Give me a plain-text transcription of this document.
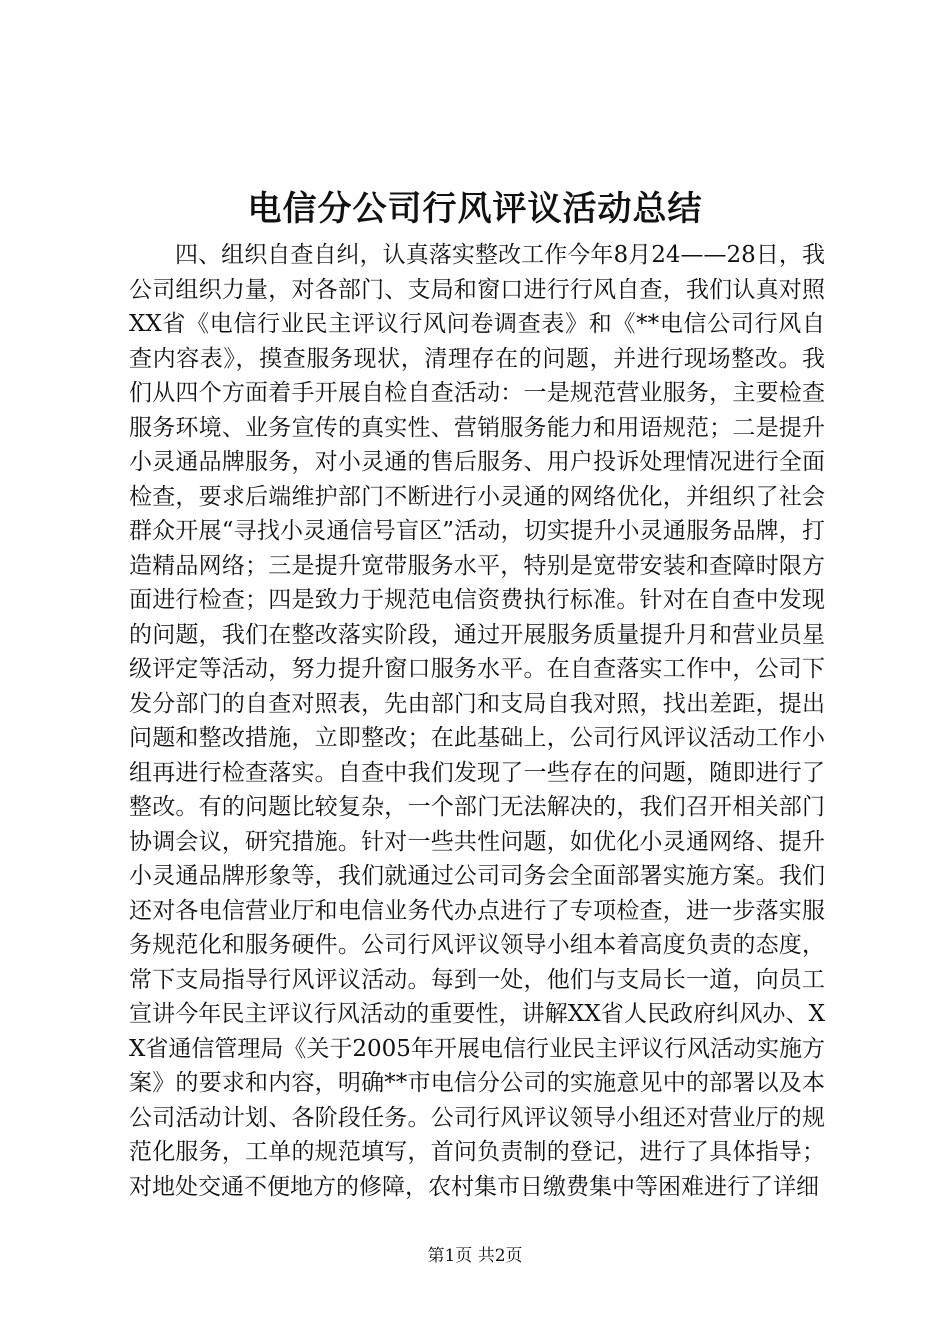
电信分公司行风评议活动总结

四、组织自查自纠，认真落实整改工作今年8月24——28日，我公司组织力量，对各部门、支局和窗口进行行风自查，我们认真对照XX省《电信行业民主评议行风问卷调查表》和《**电信公司行风自查内容表》，摸查服务现状，清理存在的问题，并进行现场整改。我们从四个方面着手开展自检自查活动：一是规范营业服务，主要检查服务环境、业务宣传的真实性、营销服务能力和用语规范；二是提升小灵通品牌服务，对小灵通的售后服务、用户投诉处理情况进行全面检查，要求后端维护部门不断进行小灵通的网络优化，并组织了社会群众开展“寻找小灵通信号盲区”活动，切实提升小灵通服务品牌，打造精品网络；三是提升宽带服务水平，特别是宽带安装和查障时限方面进行检查；四是致力于规范电信资费执行标准。针对在自查中发现的问题，我们在整改落实阶段，通过开展服务质量提升月和营业员星级评定等活动，努力提升窗口服务水平。在自查落实工作中，公司下发分部门的自查对照表，先由部门和支局自我对照，找出差距，提出问题和整改措施，立即整改；在此基础上，公司行风评议活动工作小组再进行检查落实。自查中我们发现了一些存在的问题，随即进行了整改。有的问题比较复杂，一个部门无法解决的，我们召开相关部门协调会议，研究措施。针对一些共性问题，如优化小灵通网络、提升小灵通品牌形象等，我们就通过公司司务会全面部署实施方案。我们还对各电信营业厅和电信业务代办点进行了专项检查，进一步落实服务规范化和服务硬件。公司行风评议领导小组本着高度负责的态度，常下支局指导行风评议活动。每到一处，他们与支局长一道，向员工宣讲今年民主评议行风活动的重要性，讲解XX省人民政府纠风办、XX省通信管理局《关于2005年开展电信行业民主评议行风活动实施方案》的要求和内容，明确**市电信分公司的实施意见中的部署以及本公司活动计划、各阶段任务。公司行风评议领导小组还对营业厅的规范化服务，工单的规范填写，首问负责制的登记，进行了具体指导；对地处交通不便地方的修障，农村集市日缴费集中等困难进行了详细

第1页 共2页
